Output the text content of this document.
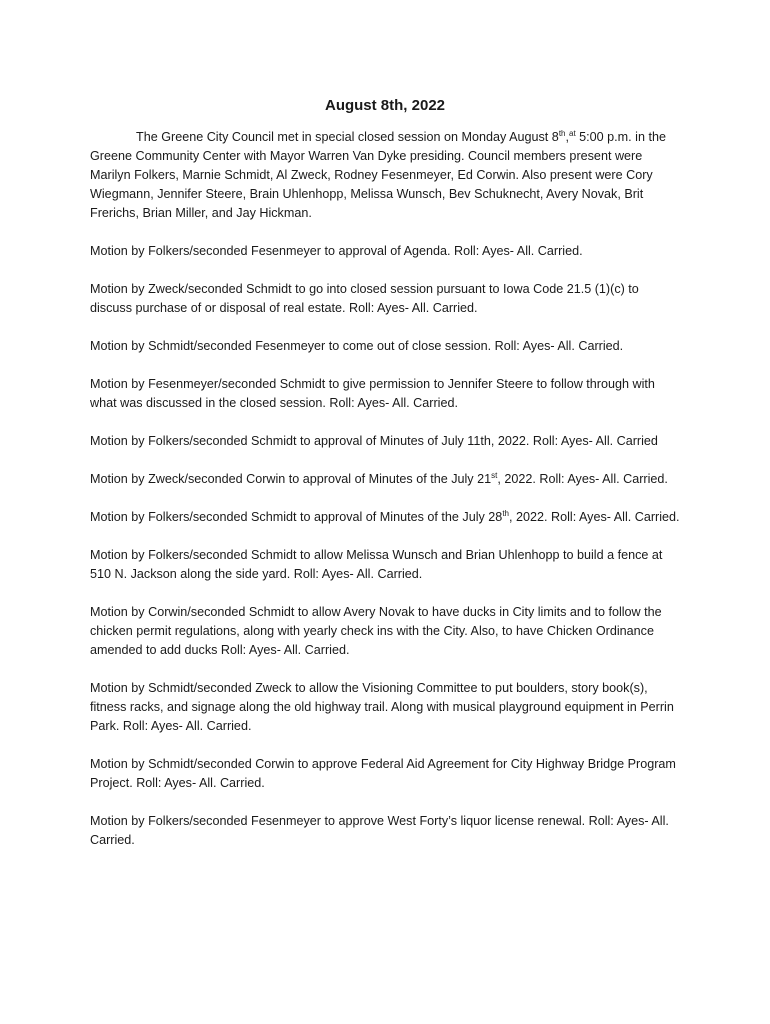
August 8th, 2022

The Greene City Council met in special closed session on Monday August 8th,$^{at}$ 5:00 p.m. in the Greene Community Center with Mayor Warren Van Dyke presiding. Council members present were Marilyn Folkers, Marnie Schmidt, Al Zweck, Rodney Fesenmeyer, Ed Corwin. Also present were Cory Wiegmann, Jennifer Steere, Brain Uhlenhopp, Melissa Wunsch, Bev Schuknecht, Avery Novak, Brit Frerichs, Brian Miller, and Jay Hickman.

Motion by Folkers/seconded Fesenmeyer to approval of Agenda. Roll: Ayes- All. Carried.

Motion by Zweck/seconded Schmidt to go into closed session pursuant to Iowa Code 21.5 (1)(c) to discuss purchase of or disposal of real estate. Roll: Ayes- All. Carried.

Motion by Schmidt/seconded Fesenmeyer to come out of close session. Roll: Ayes- All. Carried.

Motion by Fesenmeyer/seconded Schmidt to give permission to Jennifer Steere to follow through with what was discussed in the closed session. Roll: Ayes- All. Carried.

Motion by Folkers/seconded Schmidt to approval of Minutes of July 11th, 2022. Roll: Ayes- All. Carried

Motion by Zweck/seconded Corwin to approval of Minutes of the July 21st, 2022. Roll: Ayes- All. Carried.

Motion by Folkers/seconded Schmidt to approval of Minutes of the July 28th, 2022. Roll: Ayes- All. Carried.

Motion by Folkers/seconded Schmidt to allow Melissa Wunsch and Brian Uhlenhopp to build a fence at 510 N. Jackson along the side yard. Roll: Ayes- All. Carried.

Motion by Corwin/seconded Schmidt to allow Avery Novak to have ducks in City limits and to follow the chicken permit regulations, along with yearly check ins with the City. Also, to have Chicken Ordinance amended to add ducks Roll: Ayes- All. Carried.

Motion by Schmidt/seconded Zweck to allow the Visioning Committee to put boulders, story book(s), fitness racks, and signage along the old highway trail. Along with musical playground equipment in Perrin Park. Roll: Ayes- All. Carried.

Motion by Schmidt/seconded Corwin to approve Federal Aid Agreement for City Highway Bridge Program Project. Roll: Ayes- All. Carried.

Motion by Folkers/seconded Fesenmeyer to approve West Forty’s liquor license renewal. Roll: Ayes- All. Carried.
